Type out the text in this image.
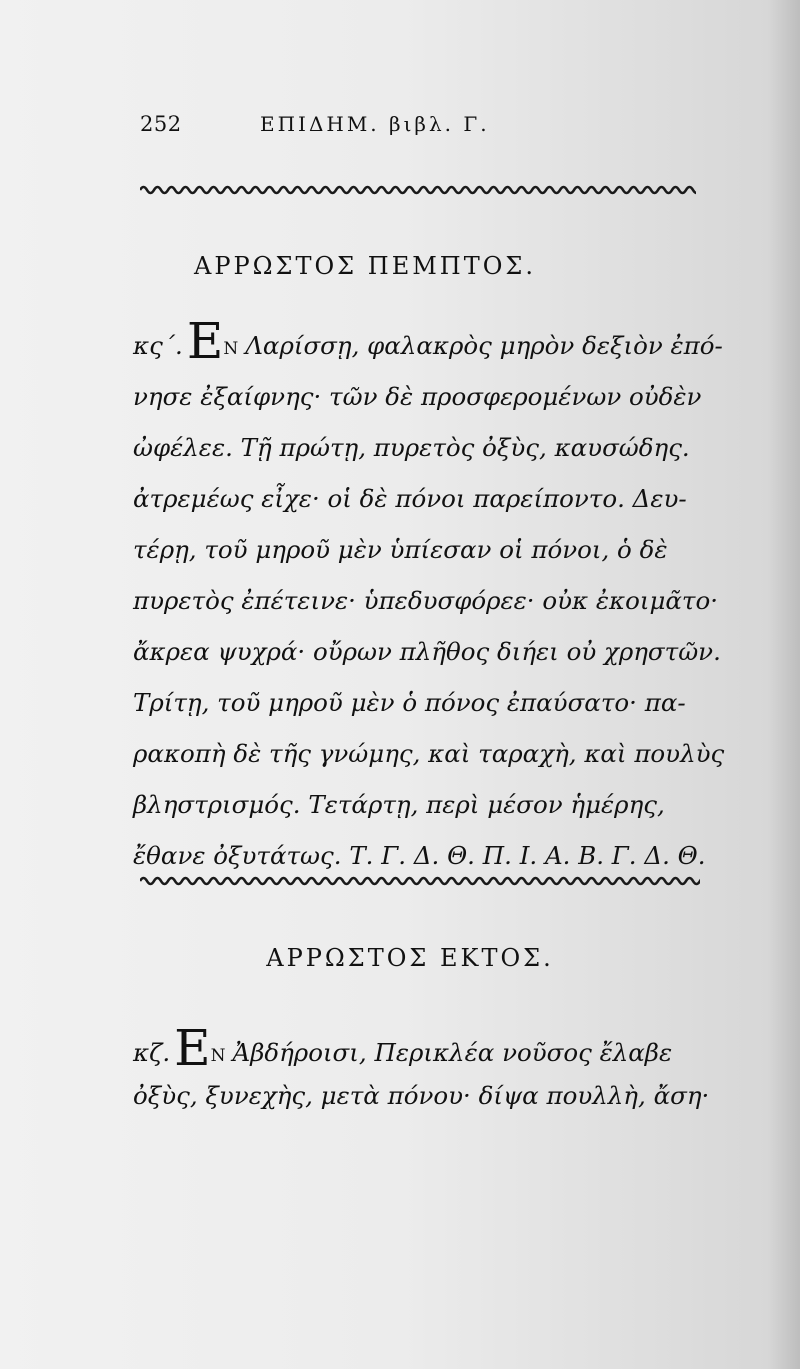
252	ΕΠΙΔΗΜ. βιβλ. Γ.
ΑΡΡΩΣΤΟΣ ΠΕΜΠΤΟΣ.
κς΄.ΕΝ Λαρίσσῃ, φαλακρὸς μηρὸν δεξιὸν ἐπό-
νησε ἐξαίφνης· τῶν δὲ προσφερομένων οὐδὲν
ὠφέλεε. Τῇ πρώτῃ, πυρετὸς ὀξὺς, καυσώδης.
ἀτρεμέως εἶχε· οἱ δὲ πόνοι παρείποντο. Δευ-
τέρῃ, τοῦ μηροῦ μὲν ὑπίεσαν οἱ πόνοι, ὁ δὲ
πυρετὸς ἐπέτεινε· ὑπεδυσφόρεε· οὐκ ἐκοιμᾶτο·
ἄκρεα ψυχρά· οὔρων πλῆθος διήει οὐ χρηστῶν.
Τρίτῃ, τοῦ μηροῦ μὲν ὁ πόνος ἐπαύσατο· πα-
ρακοπὴ δὲ τῆς γνώμης, καὶ ταραχὴ, καὶ πουλὺς
βληστρισμός. Τετάρτῃ, περὶ μέσον ἡμέρης,
ἔθανε ὀξυτάτως. Τ. Γ. Δ. Θ. Π. Ι. Α. Β. Γ. Δ. Θ.
ΑΡΡΩΣΤΟΣ ΕΚΤΟΣ.
κζ.ΕΝ Ἀβδήροισι, Περικλέα νοῦσος ἔλαβε
ὀξὺς, ξυνεχὴς, μετὰ πόνου· δίψα πουλλὴ, ἄση·
